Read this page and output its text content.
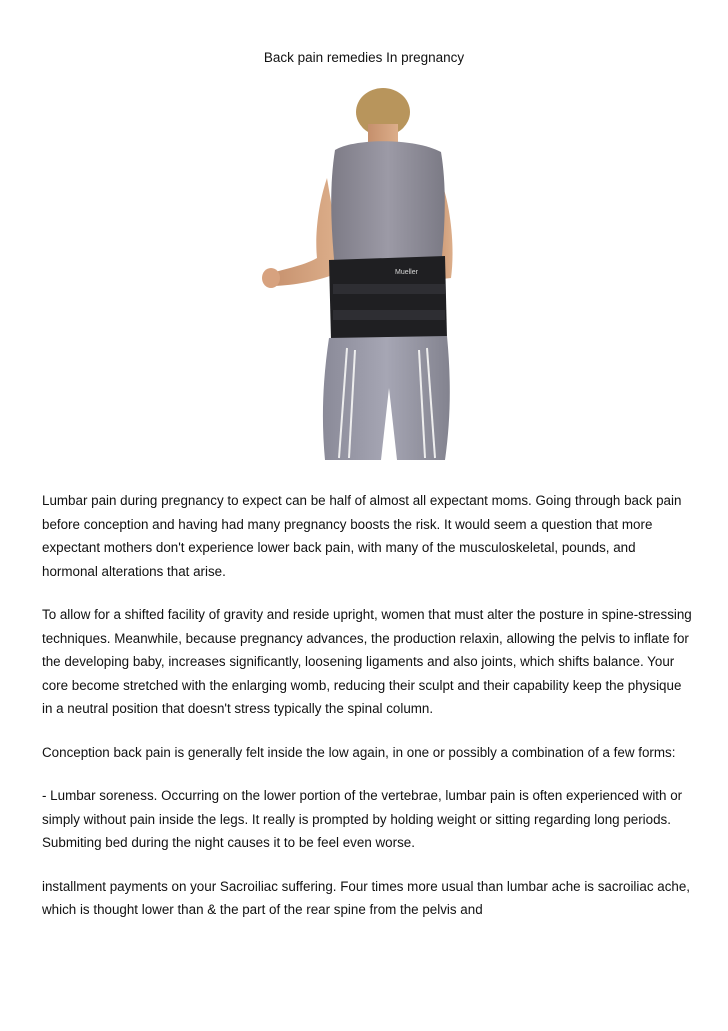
Back pain remedies In pregnancy
Mueller

Lumbar pain during pregnancy to expect can be half of almost all expectant moms. Going through back pain before conception and having had many pregnancy boosts the risk. It would seem a question that more expectant mothers don't experience lower back pain, with many of the musculoskeletal, pounds, and hormonal alterations that arise.

To allow for a shifted facility of gravity and reside upright, women that must alter the posture in spine-stressing techniques. Meanwhile, because pregnancy advances, the production relaxin, allowing the pelvis to inflate for the developing baby, increases significantly, loosening ligaments and also joints, which shifts balance. Your core become stretched with the enlarging womb, reducing their sculpt and their capability keep the physique in a neutral position that doesn't stress typically the spinal column.

Conception back pain is generally felt inside the low again, in one or possibly a combination of a few forms:

- Lumbar soreness. Occurring on the lower portion of the vertebrae, lumbar pain is often experienced with or simply without pain inside the legs. It really is prompted by holding weight or sitting regarding long periods. Submiting bed during the night causes it to be feel even worse.

installment payments on your Sacroiliac suffering. Four times more usual than lumbar ache is sacroiliac ache, which is thought lower than & the part of the rear spine from the pelvis and
